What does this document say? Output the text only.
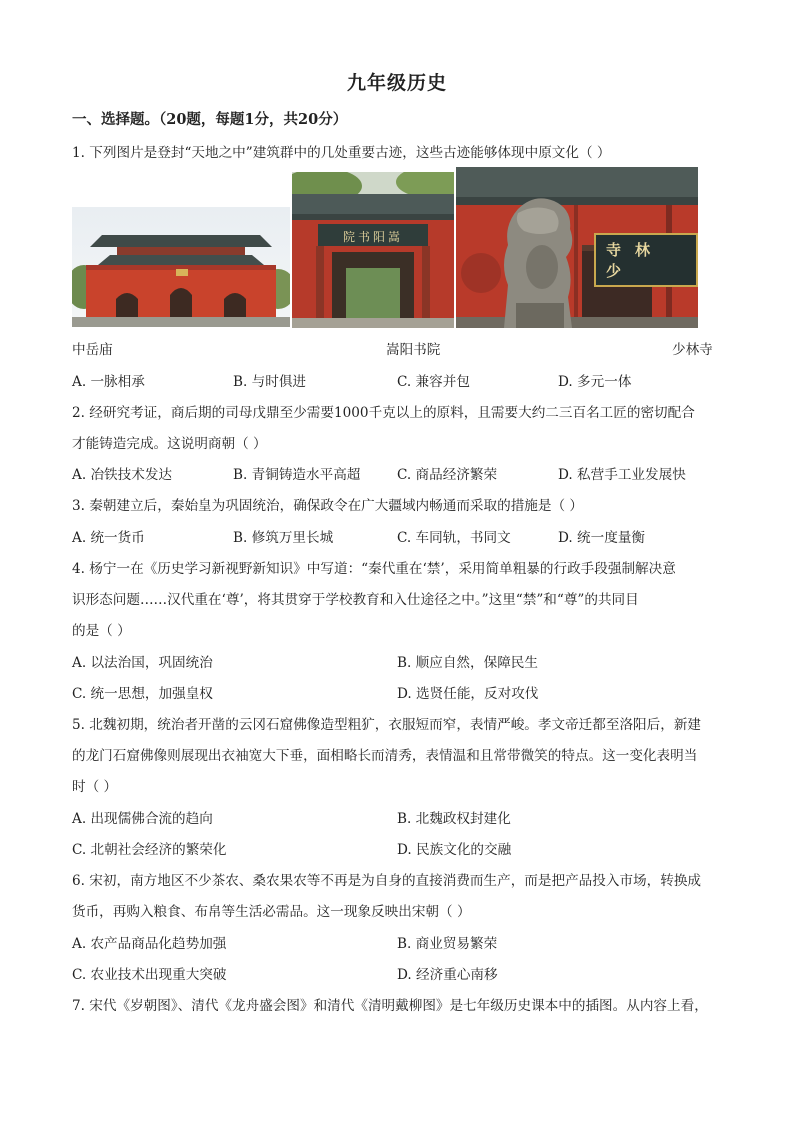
九年级历史
一、选择题。（20题，每题1分，共20分）
1. 下列图片是登封“天地之中”建筑群中的几处重要古迹，这些古迹能够体现中原文化（ ）
院书阳嵩
寺林少
中岳庙	嵩阳书院	少林寺
A. 一脉相承	B. 与时俱进	C. 兼容并包	D. 多元一体
2. 经研究考证，商后期的司母戊鼎至少需要1000千克以上的原料，且需要大约二三百名工匠的密切配合
才能铸造完成。这说明商朝（ ）
A. 冶铁技术发达	B. 青铜铸造水平高超	C. 商品经济繁荣	D. 私营手工业发展快
3. 秦朝建立后，秦始皇为巩固统治，确保政令在广大疆域内畅通而采取的措施是（ ）
A. 统一货币	B. 修筑万里长城	C. 车同轨，书同文	D. 统一度量衡
4. 杨宁一在《历史学习新视野新知识》中写道：“秦代重在‘禁’，采用简单粗暴的行政手段强制解决意
识形态问题……汉代重在‘尊’，将其贯穿于学校教育和入仕途径之中。”这里“禁”和“尊”的共同目
的是（ ）
A. 以法治国，巩固统治	B. 顺应自然，保障民生
C. 统一思想，加强皇权	D. 选贤任能，反对攻伐
5. 北魏初期，统治者开凿的云冈石窟佛像造型粗犷，衣服短而窄，表情严峻。孝文帝迁都至洛阳后，新建
的龙门石窟佛像则展现出衣袖宽大下垂，面相略长而清秀，表情温和且常带微笑的特点。这一变化表明当
时（ ）
A. 出现儒佛合流的趋向	B. 北魏政权封建化
C. 北朝社会经济的繁荣化	D. 民族文化的交融
6. 宋初，南方地区不少茶农、桑农果农等不再是为自身的直接消费而生产，而是把产品投入市场，转换成
货币，再购入粮食、布帛等生活必需品。这一现象反映出宋朝（ ）
A. 农产品商品化趋势加强	B. 商业贸易繁荣
C. 农业技术出现重大突破	D. 经济重心南移
7. 宋代《岁朝图》、清代《龙舟盛会图》和清代《清明戴柳图》是七年级历史课本中的插图。从内容上看，
